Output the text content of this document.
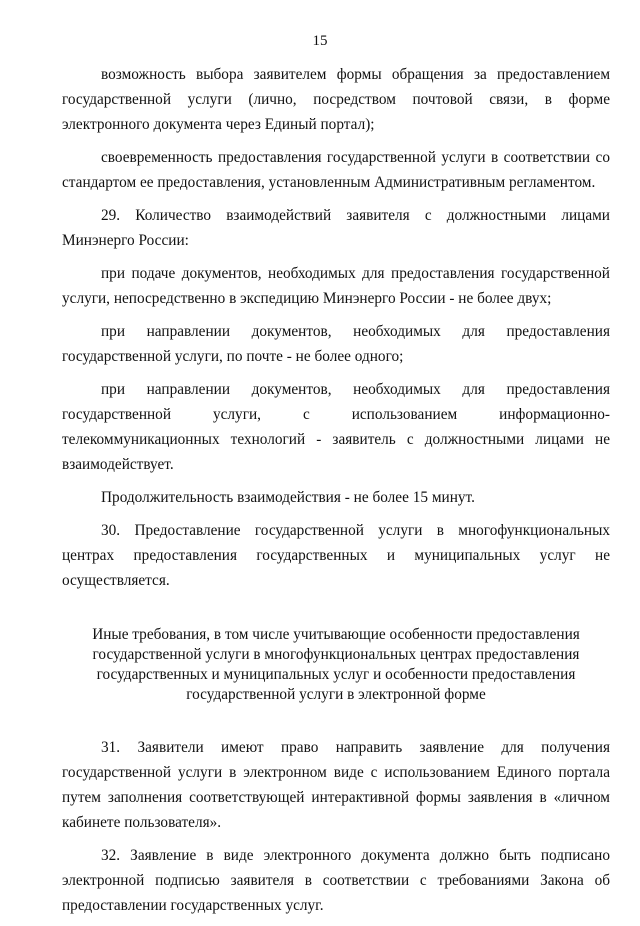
15

возможность выбора заявителем формы обращения за предоставлением государственной услуги (лично, посредством почтовой связи, в форме электронного документа через Единый портал);

своевременность предоставления государственной услуги в соответствии со стандартом ее предоставления, установленным Административным регламентом.

29. Количество взаимодействий заявителя с должностными лицами Минэнерго России:

при подаче документов, необходимых для предоставления государственной услуги, непосредственно в экспедицию Минэнерго России - не более двух;

при направлении документов, необходимых для предоставления государственной услуги, по почте - не более одного;

при направлении документов, необходимых для предоставления государственной услуги, с использованием информационно-телекоммуникационных технологий - заявитель с должностными лицами не взаимодействует.

Продолжительность взаимодействия - не более 15 минут.

30. Предоставление государственной услуги в многофункциональных центрах предоставления государственных и муниципальных услуг не осуществляется.

Иные требования, в том числе учитывающие особенности предоставления
государственной услуги в многофункциональных центрах предоставления
государственных и муниципальных услуг и особенности предоставления
государственной услуги в электронной форме

31. Заявители имеют право направить заявление для получения государственной услуги в электронном виде с использованием Единого портала путем заполнения соответствующей интерактивной формы заявления в «личном кабинете пользователя».

32. Заявление в виде электронного документа должно быть подписано электронной подписью заявителя в соответствии с требованиями Закона об предоставлении государственных услуг.
